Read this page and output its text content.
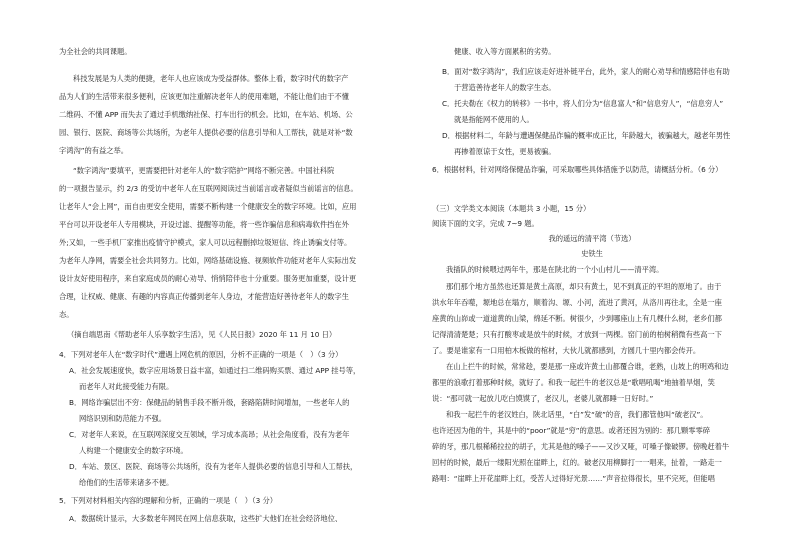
为全社会的共同课题。
科技发展是为人类的便捷，老年人也应该成为受益群体。整体上看，数字时代的数字产
品为人们的生活带来很多便利，应该更加注重解决老年人的使用难题，不能让他们由于不懂
二维码、不懂 APP 而失去了通过手机缴纳社保、打车出行的机会。比如，在车站、机场、公
园、银行、医院、商场等公共场所，为老年人提供必要的信息引导和人工帮扶，就是对补“数
字鸿沟”的有益之举。
“数字鸿沟”要填平，更需要把针对老年人的“数字陪护”网络不断完善。中国社科院
的一项报告显示，约 2/3 的受访中老年人在互联网阅读过当前谣言或者疑似当前谣言的信息。
让老年人“会上网”，而自由更安全使用，需要不断构建一个健康安全的数字环境。比如，应用
平台可以开设老年人专用模块，开设过滤、提醒等功能，将一些诈骗信息和病毒软件挡在外
外;又如，一些手机厂家推出疫情守护模式，家人可以远程删掉垃圾短信、终止诱骗支付等。
为老年人净网，需要全社会共同努力。比如，网络基础设施、视频软件功能对老年人实际出发
设计友好使用程序，来自家庭成员的耐心劝导、悄悄陪伴也十分重要。服务更加重要，设计更
合理，让权威、健康、有趣的内容真正传播到老年人身边，才能营造好善待老年人的数字生
态。
（摘自端思南《帮助老年人乐享数字生活》，见《人民日报》2020 年 11 月 10 日）
4．下列对老年人在“数字时代”遭遇上网危机的原因，分析不正确的一项是（　）（3 分）
A．社会发展速度快，数字应用场景日益丰富，如通过扫二维码购买票、通过 APP 挂号等，
而老年人对此接受能力有限。
B．网络诈骗层出不穷：保健品的销售手段不断升级，套路陷阱时间增加，一些老年人的
网络识别和防范能力不强。
C．对老年人来说，在互联网深度交互领域，学习成本高昂；从社会角度看，没有为老年
人构建一个健康安全的数字环境。
D．车站、景区、医院、商场等公共场所，没有为老年人提供必要的信息引导和人工帮扶，
给他们的生活带来诸多不便。
5．下列对材料相关内容的理解和分析，正确的一项是（　）（3 分）
A．数据统计显示，大多数老年网民在网上信息获取，这些扩大他们在社会经济地位、
健康、收入等方面累积的劣势。
B．面对“数字鸿沟”，我们应该走好进补链平台，此外，家人的耐心劝导和情感陪伴也有助
于营造善待老年人的数字生态。
C．托夫勒在《权力的转移》一书中，将人们分为“信息富人”和“信息穷人”，“信息穷人”
就是指能网不使用的人。
D．根据材料二，年龄与遭遇保健品诈骗的概率成正比，年龄越大，被骗越大，越老年男性
再掺着原谅于女性，更易被骗。
6．根据材料，针对网络保健品诈骗，可采取哪些具体措施予以防范，请概括分析。（6 分）
（三）文学类文本阅读（本题共 3 小题，15 分）
阅读下面的文字，完成 7~9 题。
我的遥远的清平湾（节选）
史铁生
我插队的时候喂过两年牛，那是在陕北的一个小山村儿——清平湾。
那们那个地方虽然也还算是黄土高原，却只有黄土，见不到真正的平坦的原地了。由于
洪水年年吞噬，塬地总在塌方，顺着沟、塬、小河，流进了黄河，从洛川再往北，全是一座
座黄的山峁或一道道黄的山梁，绵延不断。树很少，少到哪座山上有几棵什么树，老乡们都
记得清清楚楚；只有打酸枣或是放牛的时候，才放到一两棵。窑门前的柏树稍微有些高一下
了。要是谁家有一口用柏木板做的棺材，大伙儿就都感到，方圆几十里内都会传开。
在山上拦牛的时候，常常趁，要是那一座或许黄土山都覆合谁，老熟，山坡上的明鸡和边
都里的浪歌打着那种时候，就好了。和我一起拦牛的老汉总是“歌唱吼喝”地抽着旱烟，笑
说：“那可就一起放儿吃白馍馍了，老汉儿，老婆儿就都睡一日好时。”
和我一起拦牛的老汉姓白，陕北话里，“白”发“破”的音，我们都管他叫“破老汉”。
也许还因为他的牛，其是中的“poor”就是“穷”的意思。或者还因为别的：那几颗零零碎
碎的牙，那几根稀稀拉拉的胡子，尤其是他的嗓子——又沙又哑，可嗓子像破锣。傍晚赶着牛
回村的时候，最后一缕阳光照在崖畔上，红的。破老汉用柳脚打一一唱来，扯着，一路走一
路唱：“崖畔上开花崖畔上红，受苦人过得好光景……”声音拉得很长，里不完死，但能唱
